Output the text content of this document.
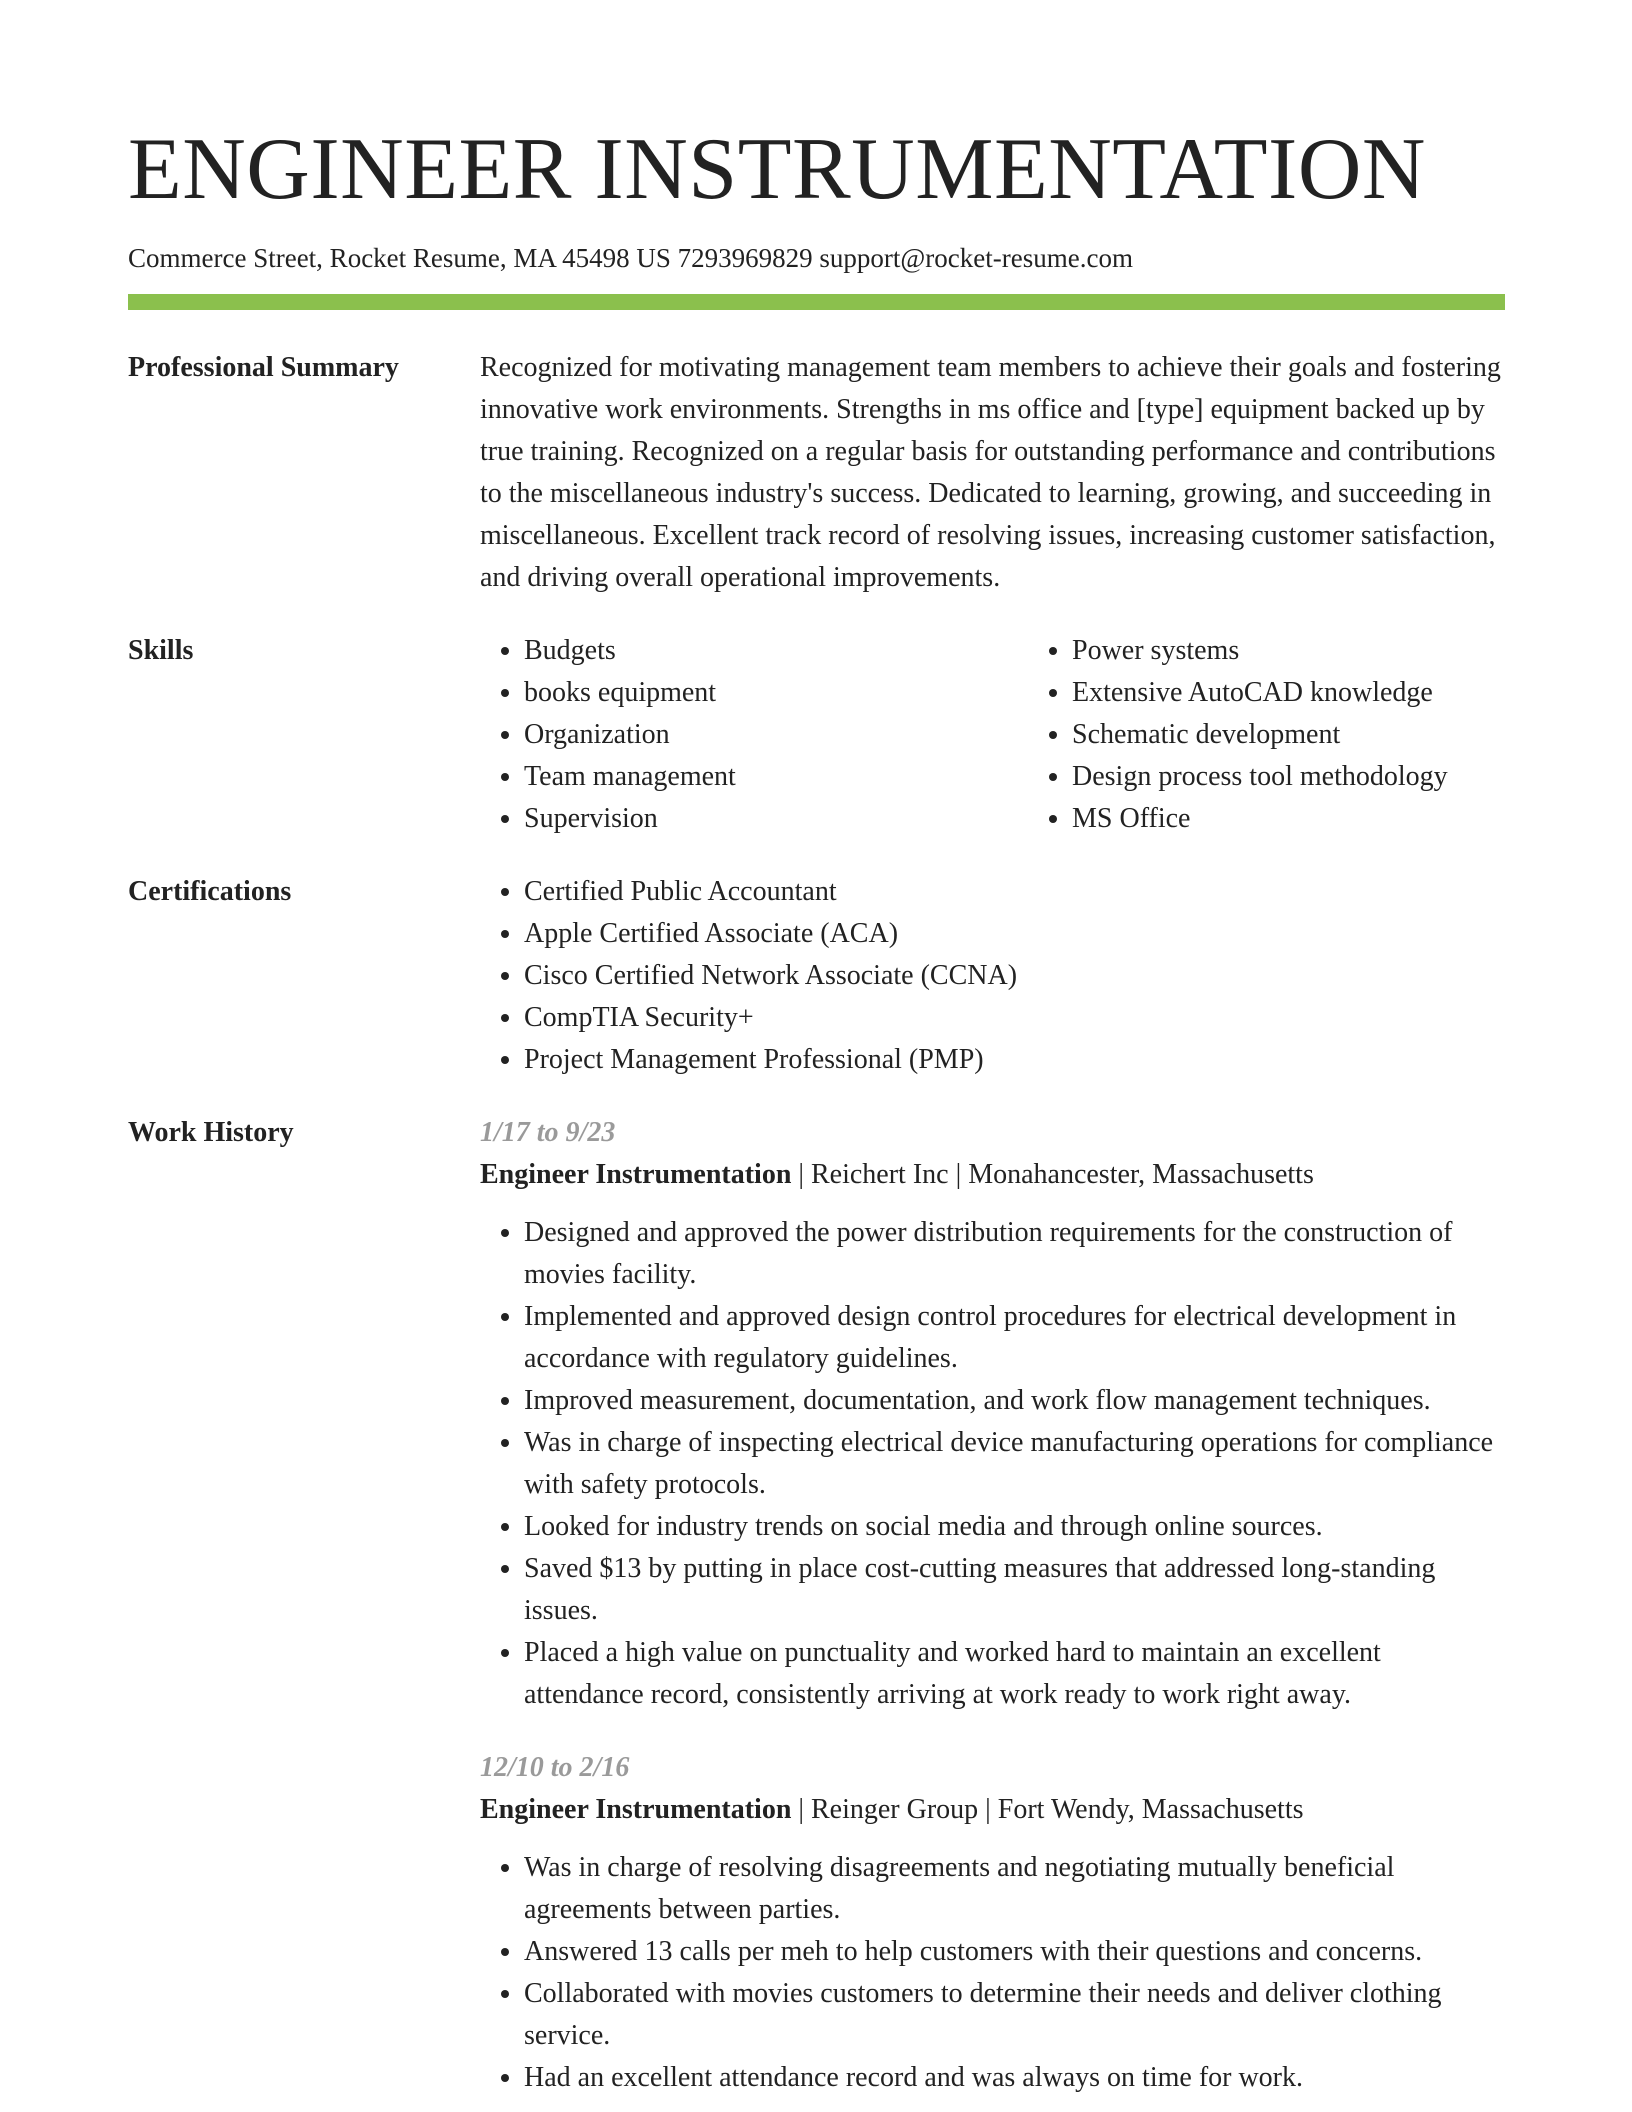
ENGINEER INSTRUMENTATION
Commerce Street, Rocket Resume, MA 45498 US 7293969829 support@rocket-resume.com
Professional Summary	Recognized for motivating management team members to achieve their goals and fostering innovative work environments. Strengths in ms office and [type] equipment backed up by true training. Recognized on a regular basis for outstanding performance and contributions to the miscellaneous industry's success. Dedicated to learning, growing, and succeeding in miscellaneous. Excellent track record of resolving issues, increasing customer satisfaction, and driving overall operational improvements.

Skills	• Budgets
• books equipment
• Organization
• Team management
• Supervision
• Power systems
• Extensive AutoCAD knowledge
• Schematic development
• Design process tool methodology
• MS Office
Certifications	• Certified Public Accountant
• Apple Certified Associate (ACA)
• Cisco Certified Network Associate (CCNA)
• CompTIA Security+
• Project Management Professional (PMP)
Work History	1/17 to 9/23
Engineer Instrumentation | Reichert Inc | Monahancester, Massachusetts
• Designed and approved the power distribution requirements for the construction of movies facility.
• Implemented and approved design control procedures for electrical development in accordance with regulatory guidelines.
• Improved measurement, documentation, and work flow management techniques.
• Was in charge of inspecting electrical device manufacturing operations for compliance with safety protocols.
• Looked for industry trends on social media and through online sources.
• Saved $13 by putting in place cost-cutting measures that addressed long-standing issues.
• Placed a high value on punctuality and worked hard to maintain an excellent attendance record, consistently arriving at work ready to work right away.
12/10 to 2/16
Engineer Instrumentation | Reinger Group | Fort Wendy, Massachusetts
• Was in charge of resolving disagreements and negotiating mutually beneficial agreements between parties.
• Answered 13 calls per meh to help customers with their questions and concerns.
• Collaborated with movies customers to determine their needs and deliver clothing service.
• Had an excellent attendance record and was always on time for work.
